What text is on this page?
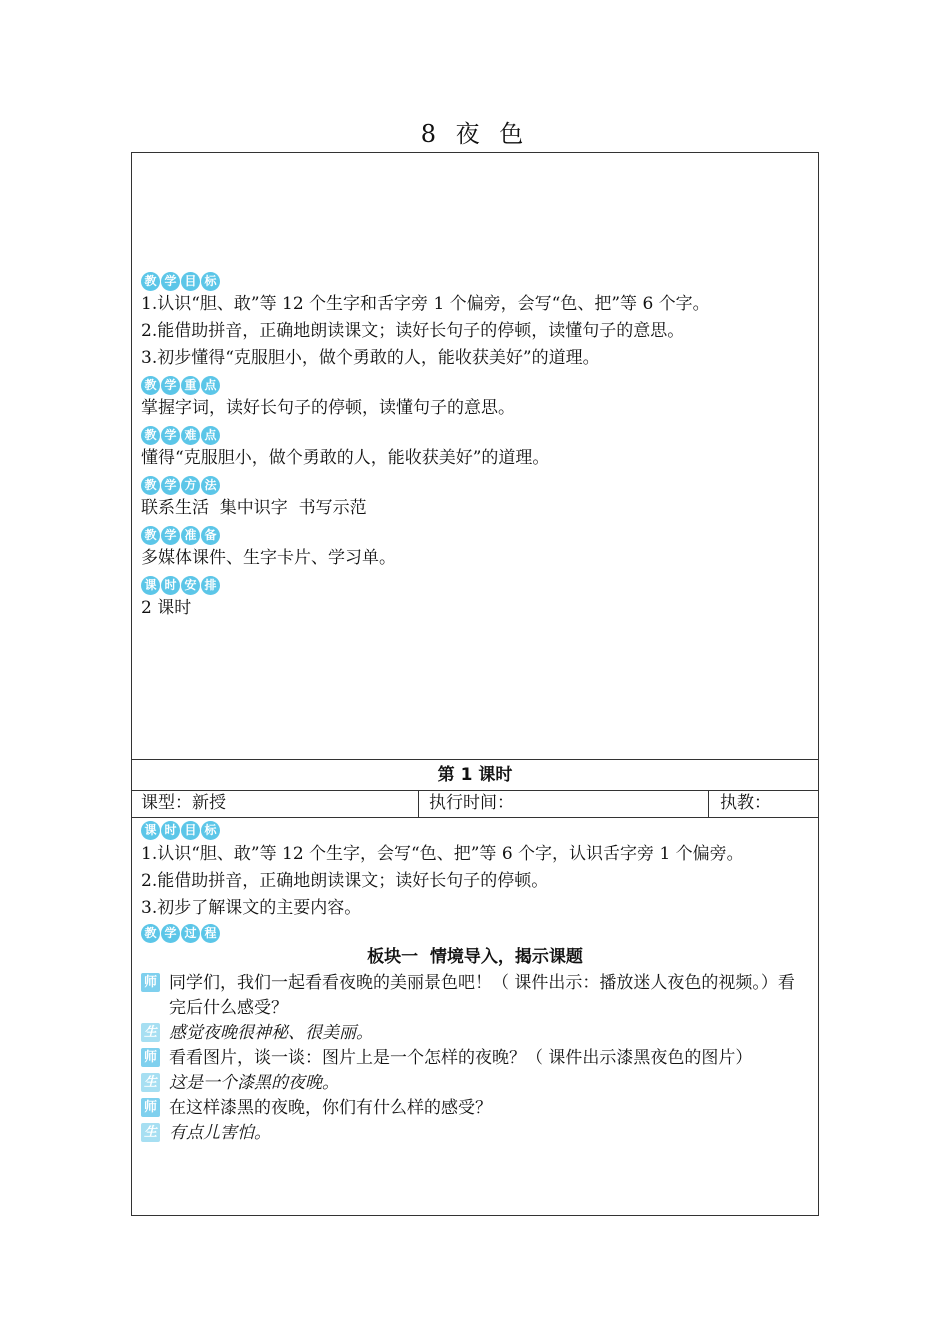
8 夜 色
教 学 目 标
1.认识“胆、敢”等 12 个生字和舌字旁 1 个偏旁，会写“色、把”等 6 个字。
2.能借助拼音，正确地朗读课文；读好长句子的停顿，读懂句子的意思。
3.初步懂得“克服胆小，做个勇敢的人，能收获美好”的道理。
教 学 重 点
掌握字词，读好长句子的停顿，读懂句子的意思。
教 学 难 点
懂得“克服胆小，做个勇敢的人，能收获美好”的道理。
教 学 方 法
联系生活  集中识字  书写示范
教 学 准 备
多媒体课件、生字卡片、学习单。
课 时 安 排
2 课时
第 1 课时
课型：新授	执行时间：	执教：
课 时 目 标
1.认识“胆、敢”等 12 个生字，会写“色、把”等 6 个字，认识舌字旁 1 个偏旁。
2.能借助拼音，正确地朗读课文；读好长句子的停顿。
3.初步了解课文的主要内容。
教 学 过 程
板块一  情境导入，揭示课题
师 同学们，我们一起看看夜晚的美丽景色吧！（ 课件出示：播放迷人夜色的视频。）看完后什么感受？
生 感觉夜晚很神秘、很美丽。
师 看看图片，谈一谈：图片上是一个怎样的夜晚？（ 课件出示漆黑夜色的图片）
生 这是一个漆黑的夜晚。
师 在这样漆黑的夜晚，你们有什么样的感受？
生 有点儿害怕。
